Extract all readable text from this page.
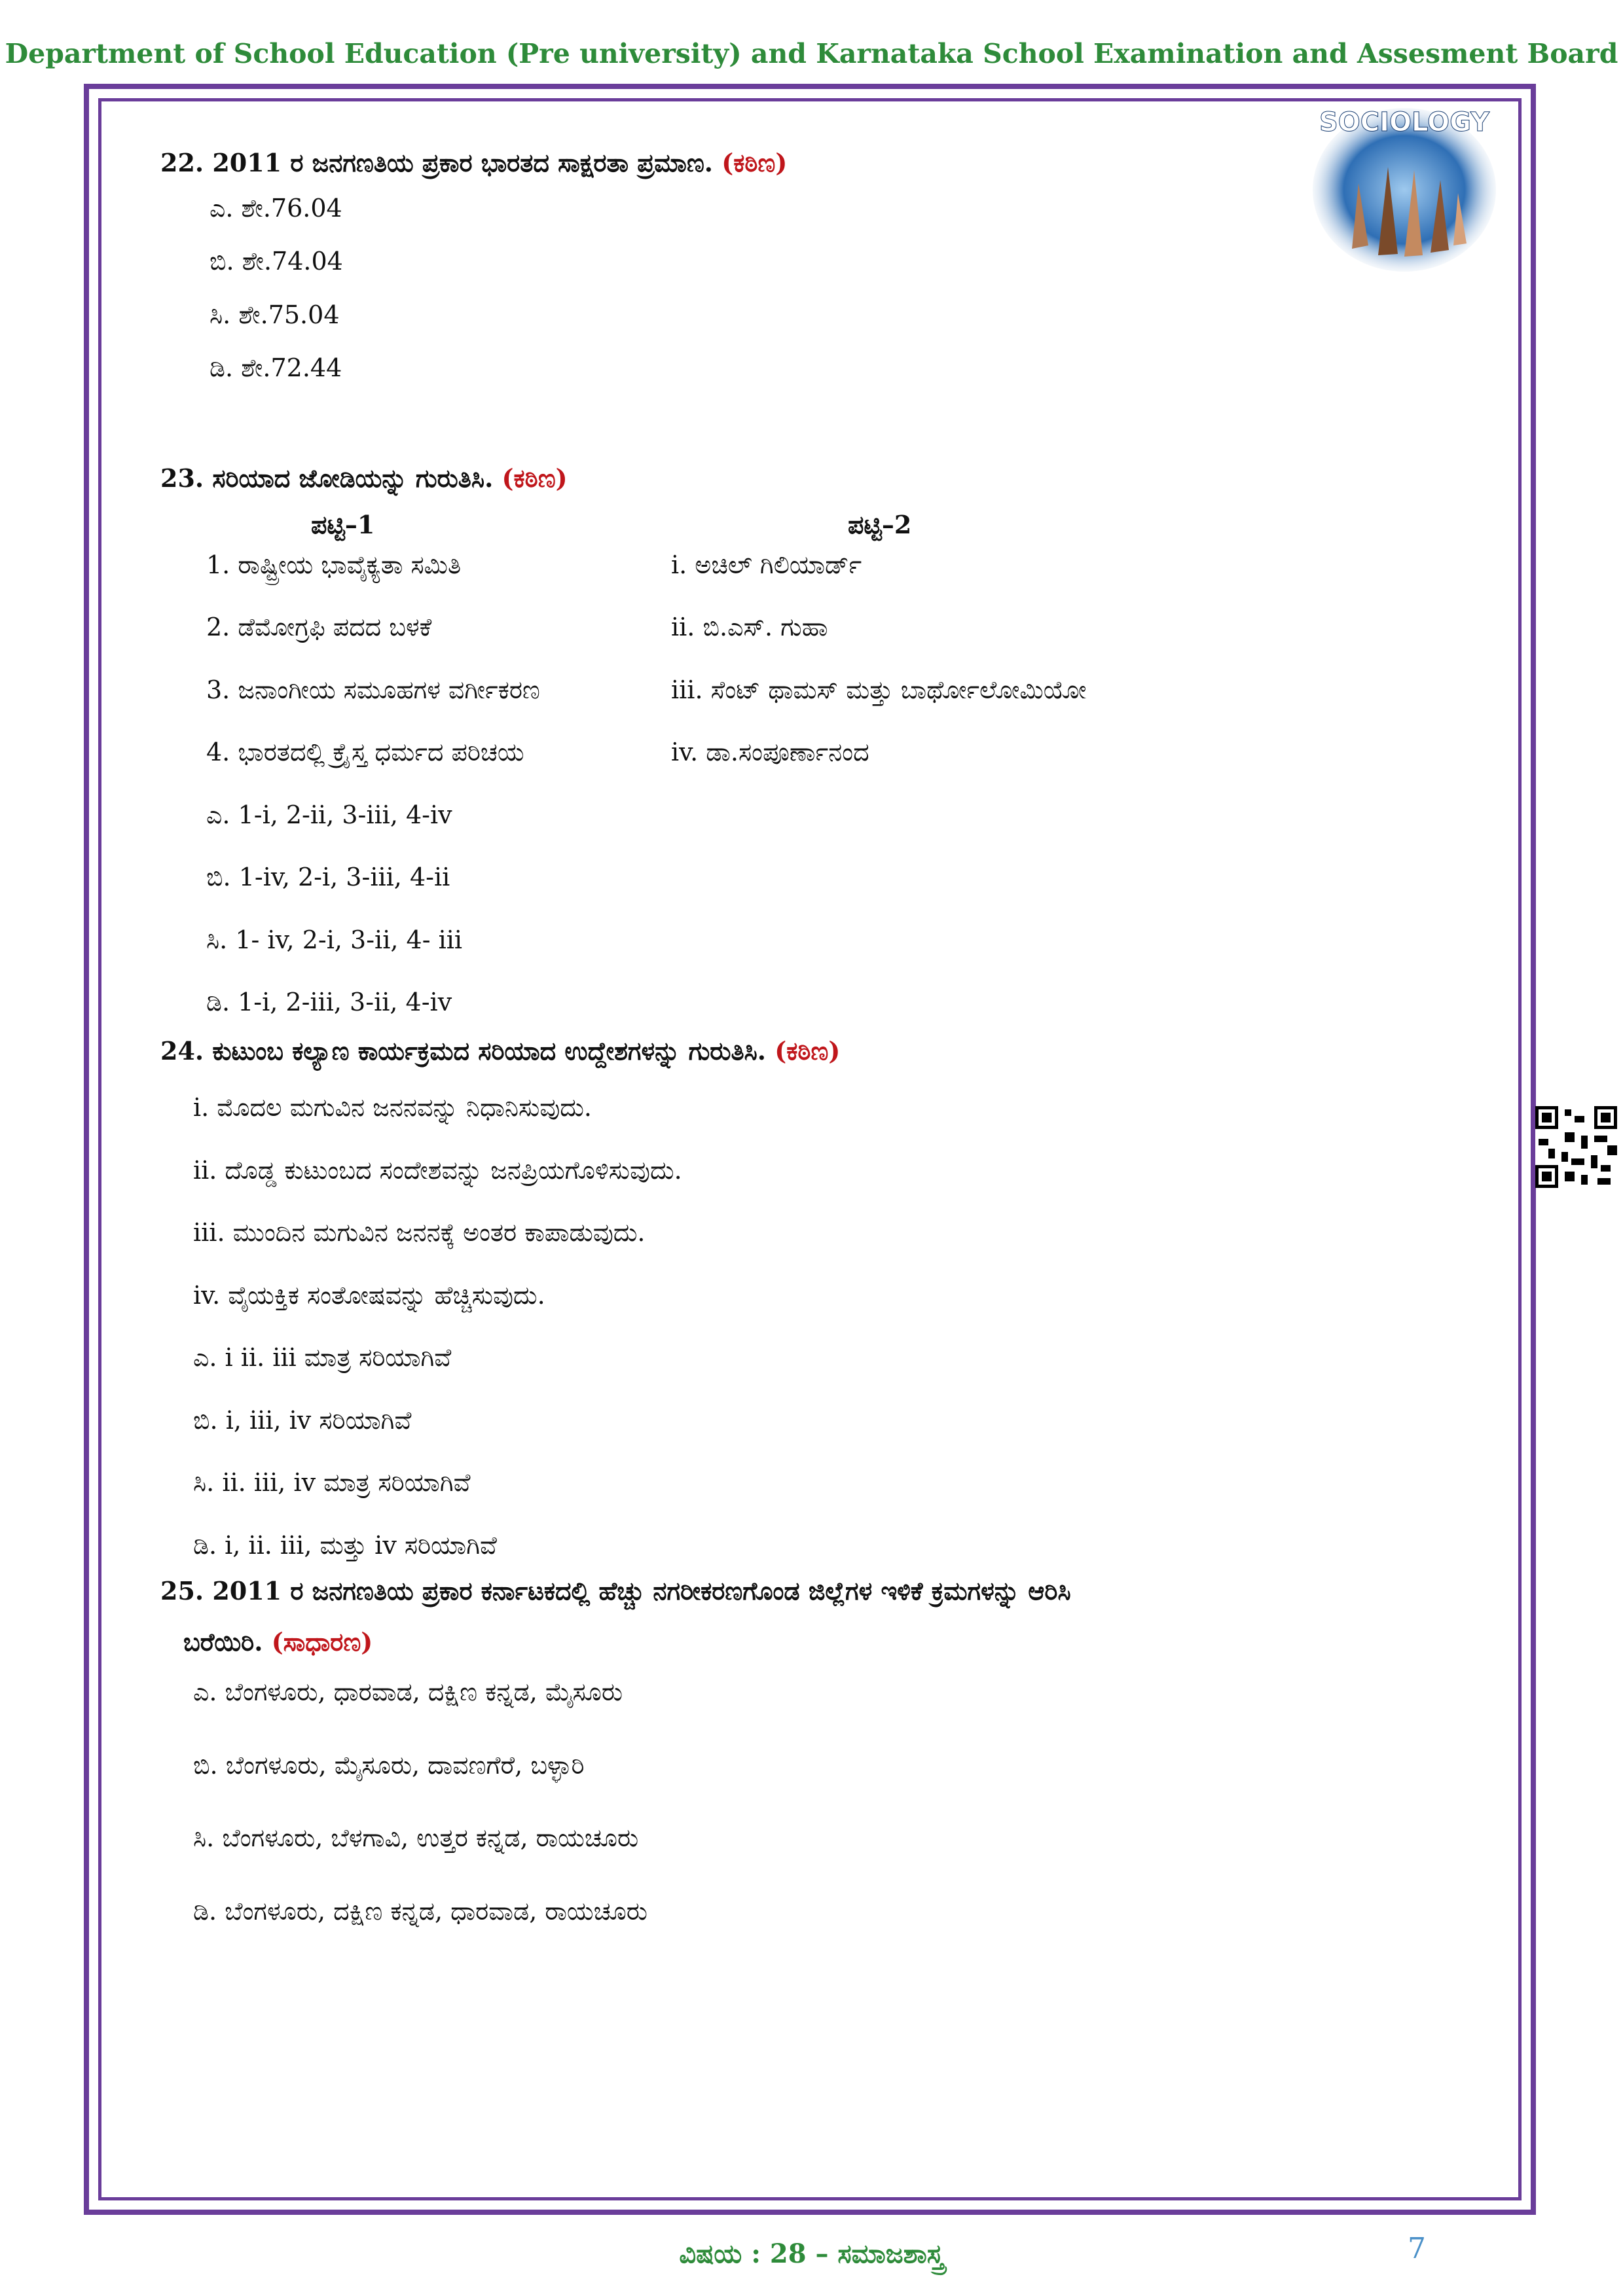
Department of School Education (Pre university) and Karnataka School Examination and Assesment Board
SOCIOLOGY

22. 2011 ರ ಜನಗಣತಿಯ ಪ್ರಕಾರ ಭಾರತದ ಸಾಕ್ಷರತಾ ಪ್ರಮಾಣ. (ಕಠಿಣ)

ಎ. ಶೇ.76.04

ಬಿ. ಶೇ.74.04

ಸಿ. ಶೇ.75.04

ಡಿ. ಶೇ.72.44

23. ಸರಿಯಾದ ಜೋಡಿಯನ್ನು ಗುರುತಿಸಿ. (ಕಠಿಣ)

ಪಟ್ಟಿ–1	ಪಟ್ಟಿ–2
1. ರಾಷ್ಟ್ರೀಯ ಭಾವೈಕ್ಯತಾ ಸಮಿತಿ	i. ಅಚಿಲ್ ಗಿಲಿಯಾರ್ಡ್
2. ಡೆಮೋಗ್ರಫಿ ಪದದ ಬಳಕೆ	ii. ಬಿ.ಎಸ್. ಗುಹಾ
3. ಜನಾಂಗೀಯ ಸಮೂಹಗಳ ವರ್ಗೀಕರಣ	iii. ಸೆಂಟ್ ಥಾಮಸ್ ಮತ್ತು ಬಾರ್ಥೋಲೋಮಿಯೋ
4. ಭಾರತದಲ್ಲಿ ಕ್ರೈಸ್ತ ಧರ್ಮದ ಪರಿಚಯ	iv. ಡಾ.ಸಂಪೂರ್ಣಾನಂದ

ಎ. 1-i, 2-ii, 3-iii, 4-iv

ಬಿ. 1-iv, 2-i, 3-iii, 4-ii

ಸಿ. 1- iv, 2-i, 3-ii, 4- iii

ಡಿ. 1-i, 2-iii, 3-ii, 4-iv

24. ಕುಟುಂಬ ಕಲ್ಯಾಣ ಕಾರ್ಯಕ್ರಮದ ಸರಿಯಾದ ಉದ್ದೇಶಗಳನ್ನು ಗುರುತಿಸಿ. (ಕಠಿಣ)

i. ಮೊದಲ ಮಗುವಿನ ಜನನವನ್ನು ನಿಧಾನಿಸುವುದು.

ii. ದೊಡ್ಡ ಕುಟುಂಬದ ಸಂದೇಶವನ್ನು ಜನಪ್ರಿಯಗೊಳಿಸುವುದು.

iii. ಮುಂದಿನ ಮಗುವಿನ ಜನನಕ್ಕೆ ಅಂತರ ಕಾಪಾಡುವುದು.

iv. ವೈಯಕ್ತಿಕ ಸಂತೋಷವನ್ನು ಹೆಚ್ಚಿಸುವುದು.

ಎ. i ii. iii ಮಾತ್ರ ಸರಿಯಾಗಿವೆ

ಬಿ. i, iii, iv ಸರಿಯಾಗಿವೆ

ಸಿ. ii. iii, iv ಮಾತ್ರ ಸರಿಯಾಗಿವೆ

ಡಿ. i, ii. iii, ಮತ್ತು iv ಸರಿಯಾಗಿವೆ

25. 2011 ರ ಜನಗಣತಿಯ ಪ್ರಕಾರ ಕರ್ನಾಟಕದಲ್ಲಿ ಹೆಚ್ಚು ನಗರೀಕರಣಗೊಂಡ ಜಿಲ್ಲೆಗಳ ಇಳಿಕೆ ಕ್ರಮಗಳನ್ನು ಆರಿಸಿ

ಬರೆಯಿರಿ. (ಸಾಧಾರಣ)

ಎ. ಬೆಂಗಳೂರು, ಧಾರವಾಡ, ದಕ್ಷಿಣ ಕನ್ನಡ, ಮೈಸೂರು

ಬಿ. ಬೆಂಗಳೂರು, ಮೈಸೂರು, ದಾವಣಗೆರೆ, ಬಳ್ಳಾರಿ

ಸಿ. ಬೆಂಗಳೂರು, ಬೆಳಗಾವಿ, ಉತ್ತರ ಕನ್ನಡ, ರಾಯಚೂರು

ಡಿ. ಬೆಂಗಳೂರು, ದಕ್ಷಿಣ ಕನ್ನಡ, ಧಾರವಾಡ, ರಾಯಚೂರು

ವಿಷಯ : 28 – ಸಮಾಜಶಾಸ್ತ್ರ	7
